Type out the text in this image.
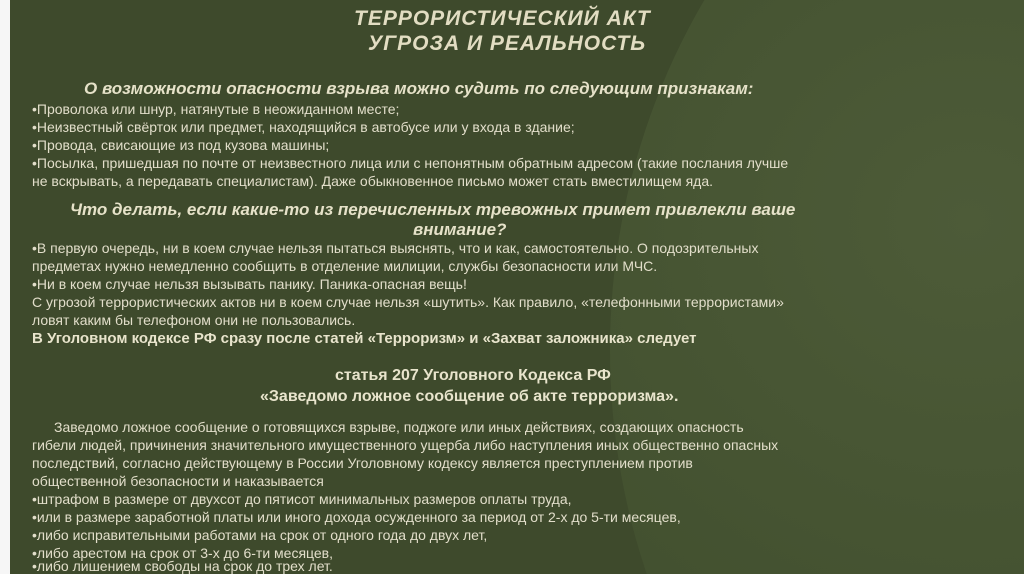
ТЕРРОРИСТИЧЕСКИЙ АКТ
УГРОЗА И РЕАЛЬНОСТЬ
О возможности опасности взрыва можно судить по следующим признакам:
•Проволока или шнур, натянутые в неожиданном месте;
•Неизвестный свёрток или предмет, находящийся в автобусе или у входа в здание;
•Провода, свисающие из под кузова машины;
•Посылка, пришедшая по почте от неизвестного лица или с непонятным обратным адресом (такие послания лучше
не вскрывать, а передавать специалистам). Даже обыкновенное письмо может стать вместилищем яда.
Что делать, если какие-то из перечисленных тревожных примет привлекли ваше
внимание?
•В первую очередь, ни в коем случае нельзя пытаться выяснять, что и как, самостоятельно. О подозрительных
предметах нужно немедленно сообщить в отделение милиции, службы безопасности или МЧС.
•Ни в коем случае нельзя вызывать панику. Паника-опасная вещь!
С угрозой террористических актов ни в коем случае нельзя «шутить». Как правило, «телефонными террористами»
ловят каким бы телефоном они не пользовались.
В Уголовном кодексе РФ сразу после статей «Терроризм» и «Захват заложника» следует
статья 207 Уголовного Кодекса РФ
«Заведомо ложное сообщение об акте терроризма».
Заведомо ложное сообщение о готовящихся взрыве, поджоге или иных действиях, создающих опасность
гибели людей, причинения значительного имущественного ущерба либо наступления иных общественно опасных
последствий, согласно действующему в России Уголовному кодексу является преступлением против
общественной безопасности и наказывается
•штрафом в размере от двухсот до пятисот минимальных размеров оплаты труда,
•или в размере заработной платы или иного дохода осужденного за период от 2-х до 5-ти месяцев,
•либо исправительными работами на срок от одного года до двух лет,
•либо арестом на срок от 3-х до 6-ти месяцев,
•либо лишением свободы на срок до трех лет.
